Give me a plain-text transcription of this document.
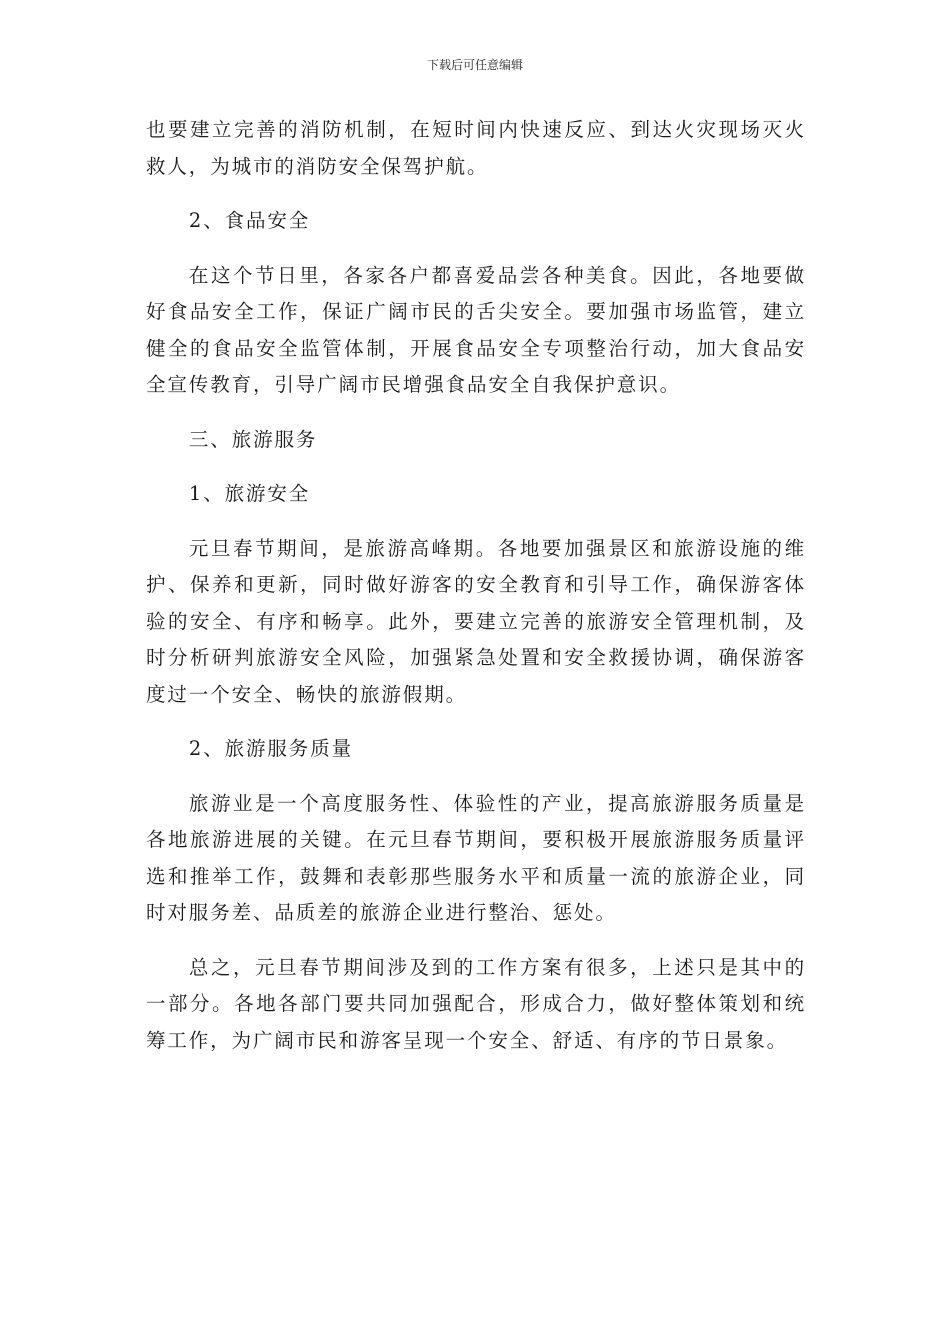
下载后可任意编辑

也要建立完善的消防机制，在短时间内快速反应、到达火灾现场灭火救人，为城市的消防安全保驾护航。

2、食品安全

在这个节日里，各家各户都喜爱品尝各种美食。因此，各地要做好食品安全工作，保证广阔市民的舌尖安全。要加强市场监管，建立健全的食品安全监管体制，开展食品安全专项整治行动，加大食品安全宣传教育，引导广阔市民增强食品安全自我保护意识。

三、旅游服务

1、旅游安全

元旦春节期间，是旅游高峰期。各地要加强景区和旅游设施的维护、保养和更新，同时做好游客的安全教育和引导工作，确保游客体验的安全、有序和畅享。此外，要建立完善的旅游安全管理机制，及时分析研判旅游安全风险，加强紧急处置和安全救援协调，确保游客度过一个安全、畅快的旅游假期。

2、旅游服务质量

旅游业是一个高度服务性、体验性的产业，提高旅游服务质量是各地旅游进展的关键。在元旦春节期间，要积极开展旅游服务质量评选和推举工作，鼓舞和表彰那些服务水平和质量一流的旅游企业，同时对服务差、品质差的旅游企业进行整治、惩处。

总之，元旦春节期间涉及到的工作方案有很多，上述只是其中的一部分。各地各部门要共同加强配合，形成合力，做好整体策划和统筹工作，为广阔市民和游客呈现一个安全、舒适、有序的节日景象。
